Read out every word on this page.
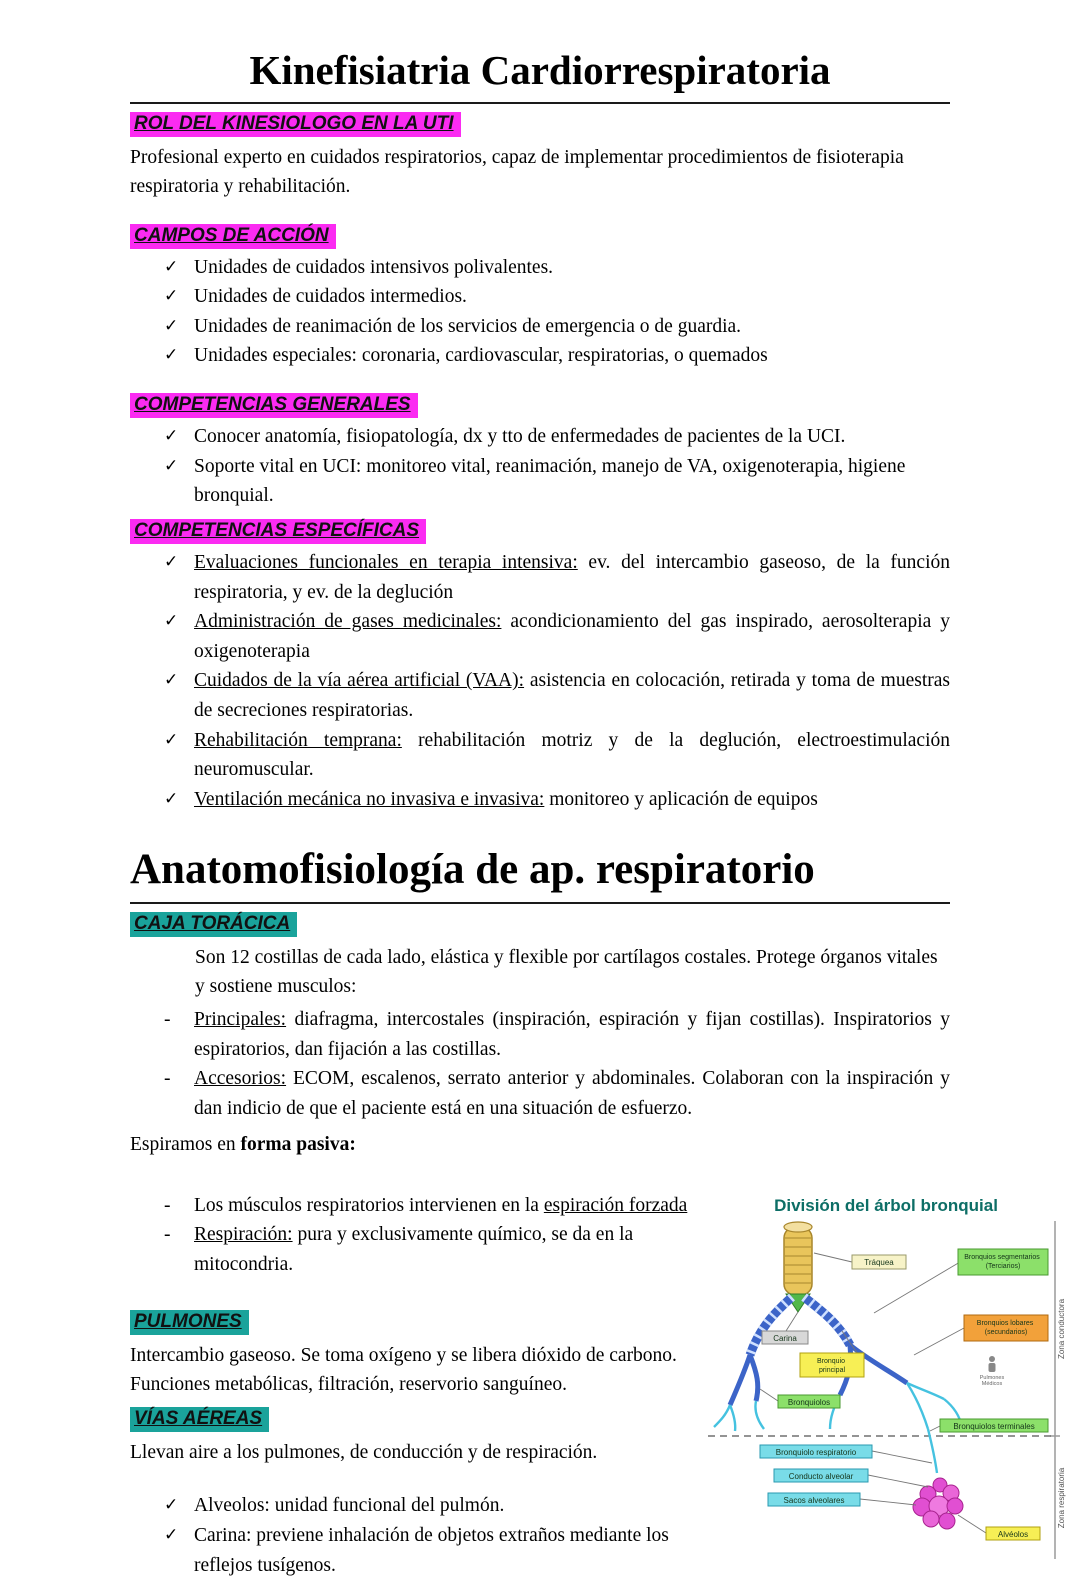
Kinefisiatria Cardiorrespiratoria
ROL DEL KINESIOLOGO EN LA UTI

Profesional experto en cuidados respiratorios, capaz de implementar procedimientos de fisioterapia respiratoria y rehabilitación.

CAMPOS DE ACCIÓN
✓ Unidades de cuidados intensivos polivalentes.
✓ Unidades de cuidados intermedios.
✓ Unidades de reanimación de los servicios de emergencia o de guardia.
✓ Unidades especiales: coronaria, cardiovascular, respiratorias, o quemados
COMPETENCIAS GENERALES
✓ Conocer anatomía, fisiopatología, dx y tto de enfermedades de pacientes de la UCI.
✓ Soporte vital en UCI: monitoreo vital, reanimación, manejo de VA, oxigenoterapia, higiene bronquial.
COMPETENCIAS ESPECÍFICAS
✓ Evaluaciones funcionales en terapia intensiva: ev. del intercambio gaseoso, de la función respiratoria, y ev. de la deglución
✓ Administración de gases medicinales: acondicionamiento del gas inspirado, aerosolterapia y oxigenoterapia
✓ Cuidados de la vía aérea artificial (VAA): asistencia en colocación, retirada y toma de muestras de secreciones respiratorias.
✓ Rehabilitación temprana: rehabilitación motriz y de la deglución, electroestimulación neuromuscular.
✓ Ventilación mecánica no invasiva e invasiva: monitoreo y aplicación de equipos
Anatomofisiología de ap. respiratorio
CAJA TORÁCICA

Son 12 costillas de cada lado, elástica y flexible por cartílagos costales. Protege órganos vitales y sostiene musculos:

-	Principales: diafragma, intercostales (inspiración, espiración y fijan costillas). Inspiratorios y espiratorios, dan fijación a las costillas.
-	Accesorios: ECOM, escalenos, serrato anterior y abdominales. Colaboran con la inspiración y dan indicio de que el paciente está en una situación de esfuerzo.

Espiramos en forma pasiva:

-	Los músculos respiratorios intervienen en la espiración forzada
-	Respiración: pura y exclusivamente químico, se da en la mitocondria.
PULMONES

Intercambio gaseoso. Se toma oxígeno y se libera dióxido de carbono. Funciones metabólicas, filtración, reservorio sanguíneo.

VÍAS AÉREAS

Llevan aire a los pulmones, de conducción y de respiración.

✓ Alveolos: unidad funcional del pulmón.
✓ Carina: previene inhalación de objetos extraños mediante los reflejos tusígenos.
División del árbol bronquial
Zona conductora
Zona respiratoria
Tráquea
Bronquios segmentarios (Terciarios)
Bronquios lobares (secundarios)
Carina
Bronquio principal
Pulmones
Médicos
Bronquiolos
Bronquiolos terminales
Bronquiolo respiratorio
Conducto alveolar
Sacos alveolares
Alvéolos
